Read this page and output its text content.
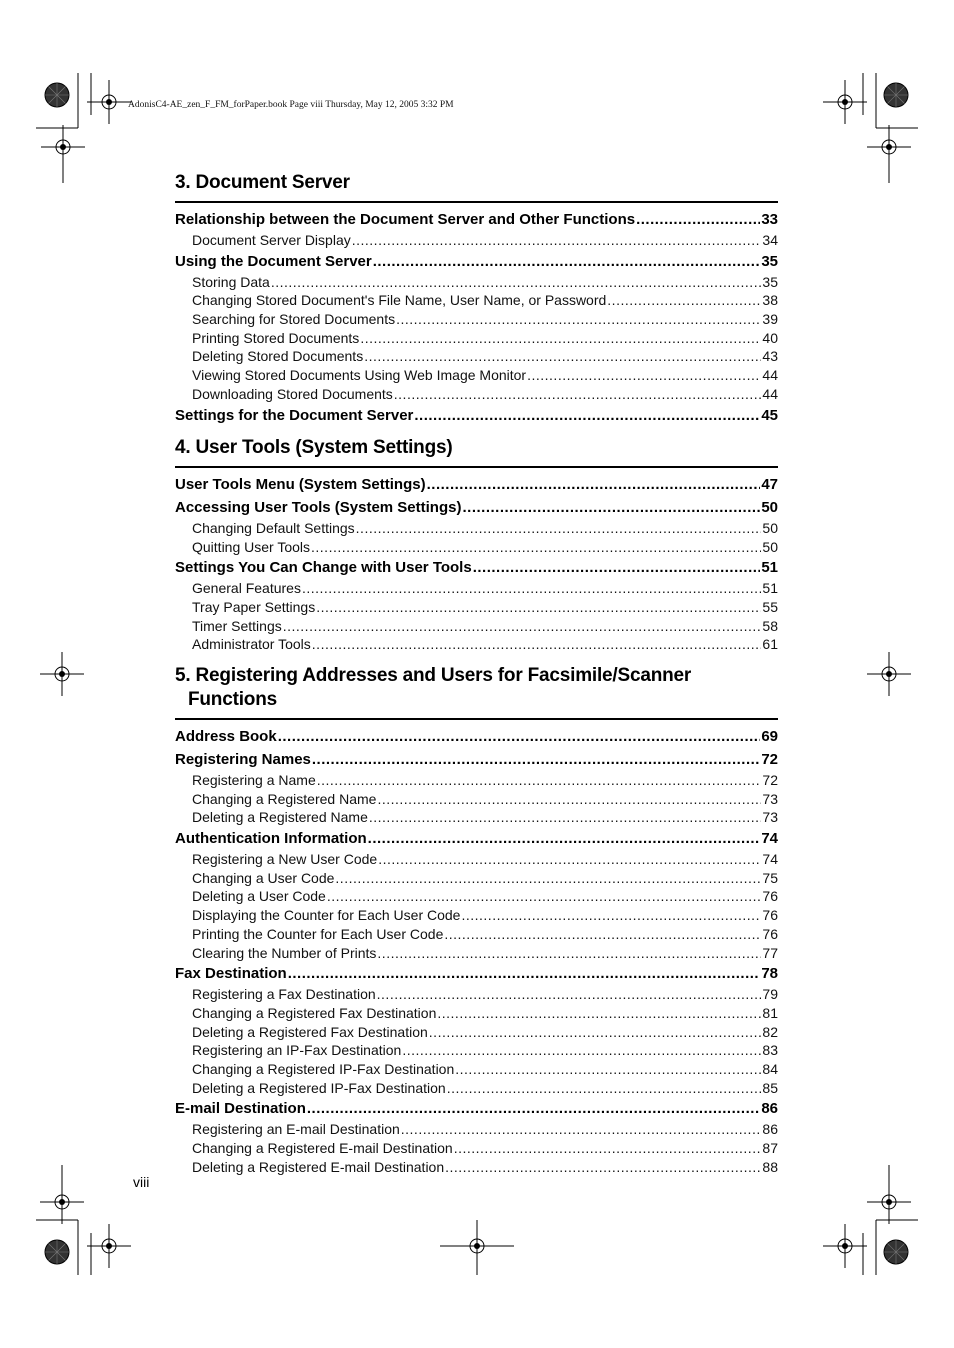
AdonisC4-AE_zen_F_FM_forPaper.book Page viii Thursday, May 12, 2005 3:32 PM
3. Document Server
Relationship between the Document Server and Other Functions .....	33
Document Server Display .....	34
Using the Document Server .....	35
Storing Data .....	35
Changing Stored Document's File Name, User Name, or Password .....	38
Searching for Stored Documents .....	39
Printing Stored Documents .....	40
Deleting Stored Documents .....	43
Viewing Stored Documents Using Web Image Monitor .....	44
Downloading Stored Documents .....	44
Settings for the Document Server .....	45
4. User Tools (System Settings)
User Tools Menu (System Settings) .....	47
Accessing User Tools (System Settings) .....	50
Changing Default Settings .....	50
Quitting User Tools .....	50
Settings You Can Change with User Tools .....	51
General Features .....	51
Tray Paper Settings .....	55
Timer Settings .....	58
Administrator Tools .....	61
5. Registering Addresses and Users for Facsimile/Scanner
Functions
Address Book .....	69
Registering Names .....	72
Registering a Name .....	72
Changing a Registered Name .....	73
Deleting a Registered Name .....	73
Authentication Information .....	74
Registering a New User Code .....	74
Changing a User Code .....	75
Deleting a User Code .....	76
Displaying the Counter for Each User Code .....	76
Printing the Counter for Each User Code .....	76
Clearing the Number of Prints .....	77
Fax Destination .....	78
Registering a Fax Destination .....	79
Changing a Registered Fax Destination .....	81
Deleting a Registered Fax Destination .....	82
Registering an IP-Fax Destination .....	83
Changing a Registered IP-Fax Destination .....	84
Deleting a Registered IP-Fax Destination .....	85
E-mail Destination .....	86
Registering an E-mail Destination .....	86
Changing a Registered E-mail Destination .....	87
Deleting a Registered E-mail Destination .....	88
viii
